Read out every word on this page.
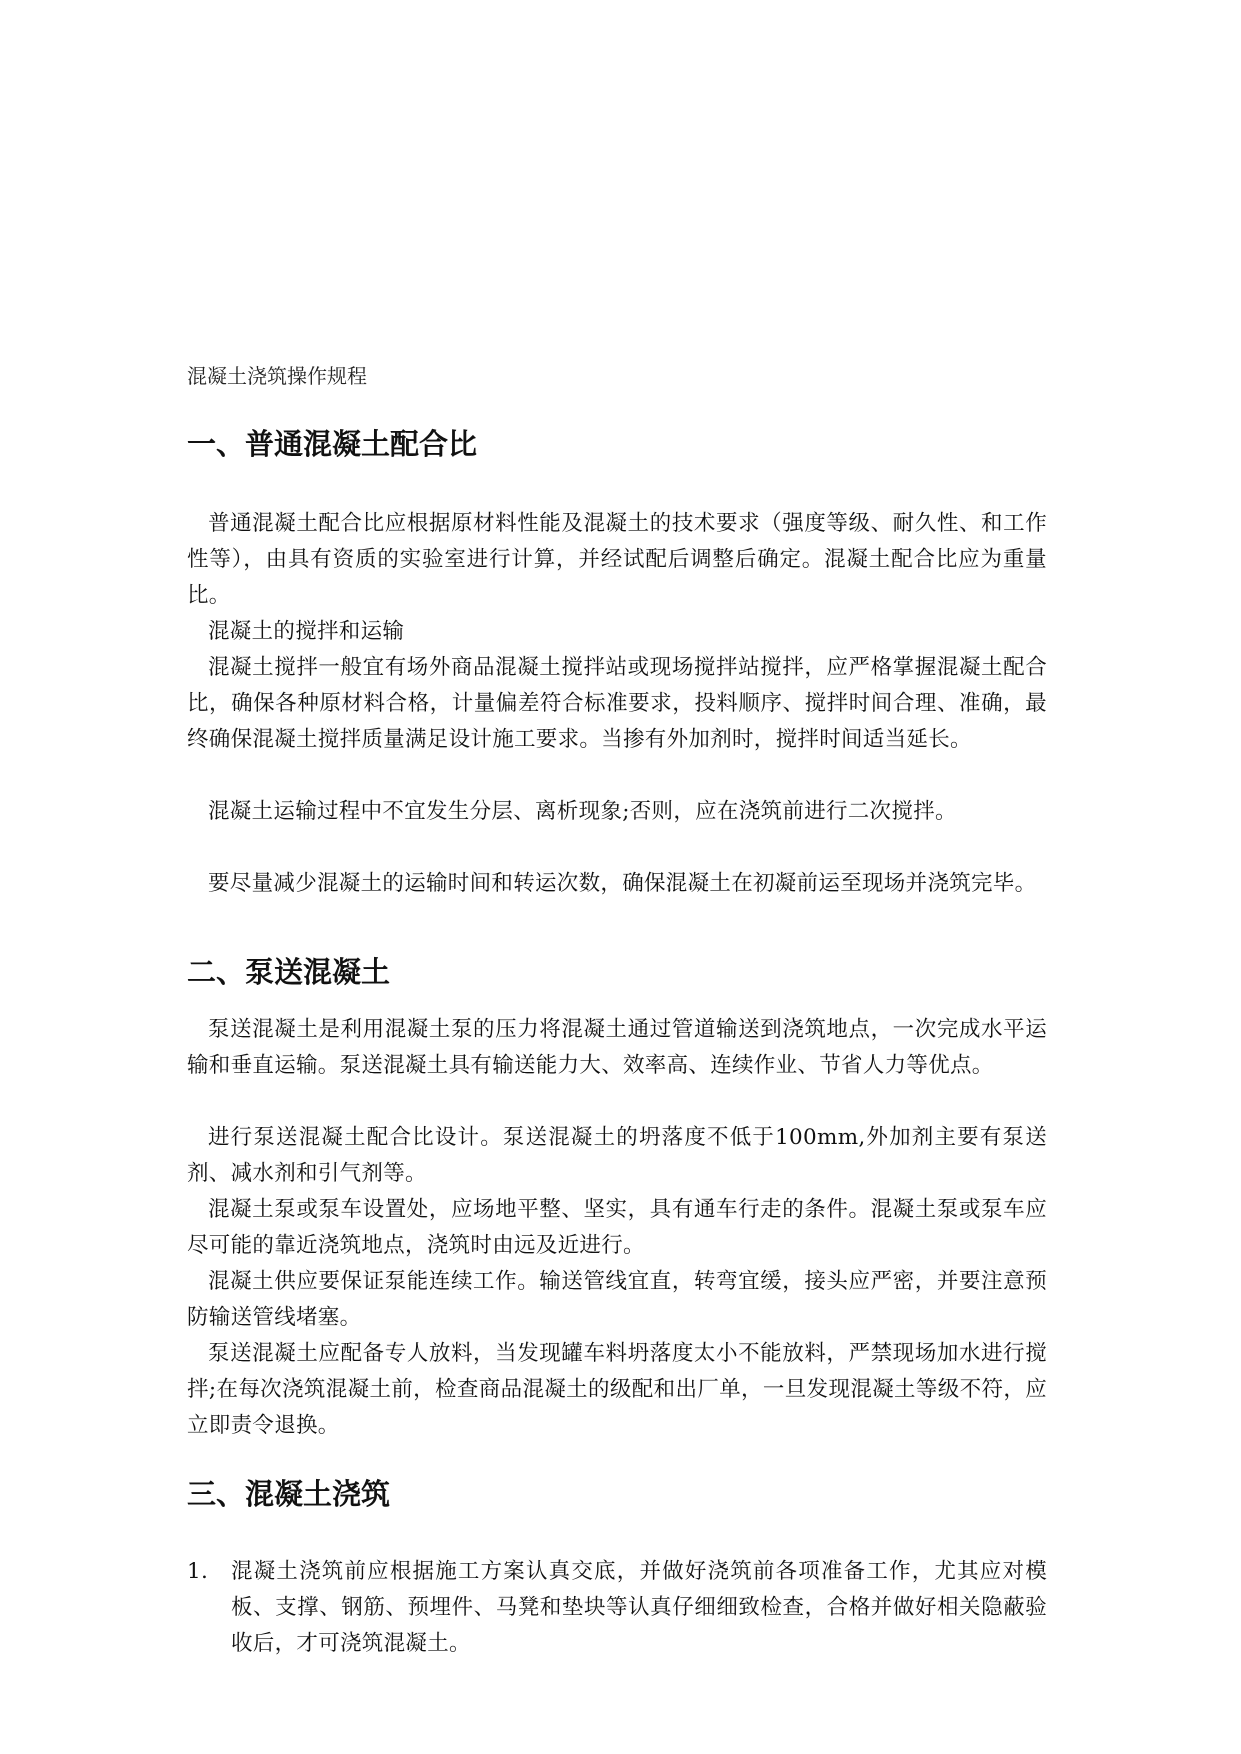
混凝土浇筑操作规程
一、普通混凝土配合比

普通混凝土配合比应根据原材料性能及混凝土的技术要求（强度等级、耐久性、和工作性等），由具有资质的实验室进行计算，并经试配后调整后确定。混凝土配合比应为重量比。

混凝土的搅拌和运输

混凝土搅拌一般宜有场外商品混凝土搅拌站或现场搅拌站搅拌，应严格掌握混凝土配合比，确保各种原材料合格，计量偏差符合标准要求，投料顺序、搅拌时间合理、准确，最终确保混凝土搅拌质量满足设计施工要求。当掺有外加剂时，搅拌时间适当延长。

混凝土运输过程中不宜发生分层、离析现象;否则，应在浇筑前进行二次搅拌。

要尽量减少混凝土的运输时间和转运次数，确保混凝土在初凝前运至现场并浇筑完毕。

二、泵送混凝土

泵送混凝土是利用混凝土泵的压力将混凝土通过管道输送到浇筑地点，一次完成水平运输和垂直运输。泵送混凝土具有输送能力大、效率高、连续作业、节省人力等优点。

进行泵送混凝土配合比设计。泵送混凝土的坍落度不低于100mm,外加剂主要有泵送剂、减水剂和引气剂等。

混凝土泵或泵车设置处，应场地平整、坚实，具有通车行走的条件。混凝土泵或泵车应尽可能的靠近浇筑地点，浇筑时由远及近进行。

混凝土供应要保证泵能连续工作。输送管线宜直，转弯宜缓，接头应严密，并要注意预防输送管线堵塞。

泵送混凝土应配备专人放料，当发现罐车料坍落度太小不能放料，严禁现场加水进行搅拌;在每次浇筑混凝土前，检查商品混凝土的级配和出厂单，一旦发现混凝土等级不符，应立即责令退换。

三、混凝土浇筑
1.	混凝土浇筑前应根据施工方案认真交底，并做好浇筑前各项准备工作，尤其应对模板、支撑、钢筋、预埋件、马凳和垫块等认真仔细细致检查，合格并做好相关隐蔽验收后，才可浇筑混凝土。
